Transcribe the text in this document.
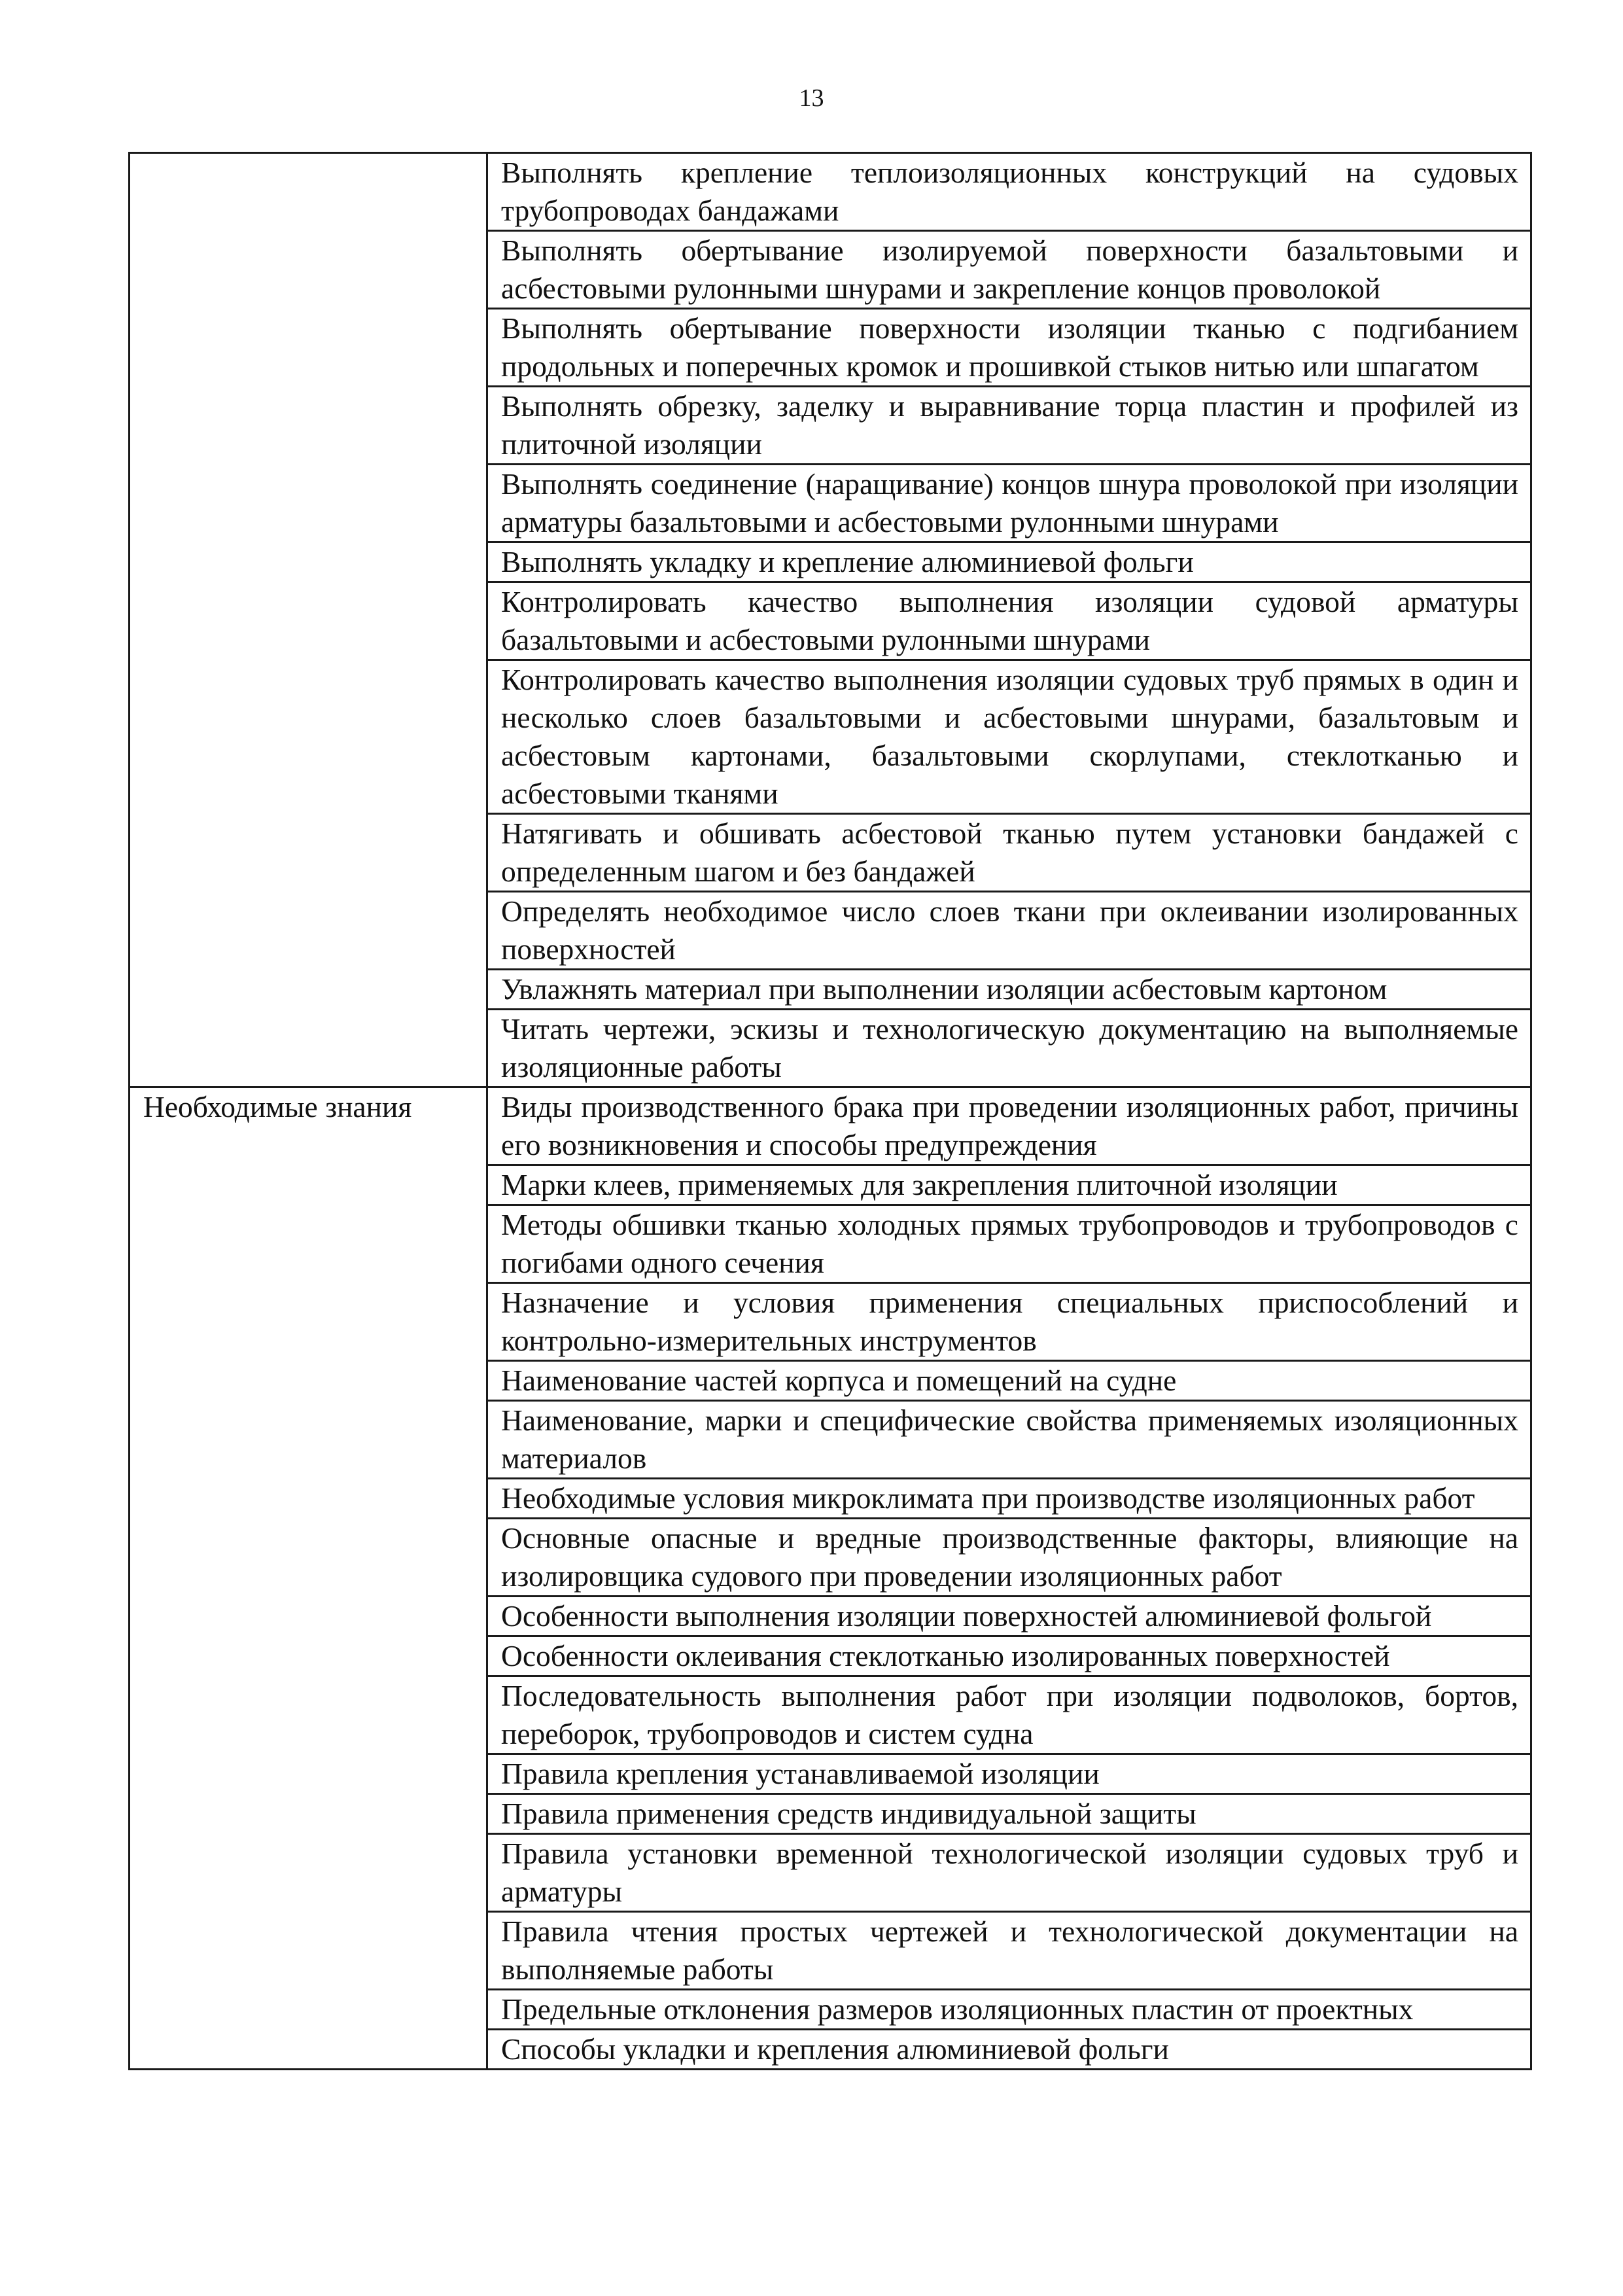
13
	Выполнять крепление теплоизоляционных конструкций на судовых трубопроводах бандажами
	Выполнять обертывание изолируемой поверхности базальтовыми и асбестовыми рулонными шнурами и закрепление концов проволокой
	Выполнять обертывание поверхности изоляции тканью с подгибанием продольных и поперечных кромок и прошивкой стыков нитью или шпагатом
	Выполнять обрезку, заделку и выравнивание торца пластин и профилей из плиточной изоляции
	Выполнять соединение (наращивание) концов шнура проволокой при изоляции арматуры базальтовыми и асбестовыми рулонными шнурами
	Выполнять укладку и крепление алюминиевой фольги
	Контролировать качество выполнения изоляции судовой арматуры базальтовыми и асбестовыми рулонными шнурами
	Контролировать качество выполнения изоляции судовых труб прямых в один и несколько слоев базальтовыми и асбестовыми шнурами, базальтовым и асбестовым картонами, базальтовыми скорлупами, стеклотканью и асбестовыми тканями
	Натягивать и обшивать асбестовой тканью путем установки бандажей с определенным шагом и без бандажей
	Определять необходимое число слоев ткани при оклеивании изолированных поверхностей
	Увлажнять материал при выполнении изоляции асбестовым картоном
	Читать чертежи, эскизы и технологическую документацию на выполняемые изоляционные работы
Необходимые знания	Виды производственного брака при проведении изоляционных работ, причины его возникновения и способы предупреждения
	Марки клеев, применяемых для закрепления плиточной изоляции
	Методы обшивки тканью холодных прямых трубопроводов и трубопроводов с погибами одного сечения
	Назначение и условия применения специальных приспособлений и контрольно-измерительных инструментов
	Наименование частей корпуса и помещений на судне
	Наименование, марки и специфические свойства применяемых изоляционных материалов
	Необходимые условия микроклимата при производстве изоляционных работ
	Основные опасные и вредные производственные факторы, влияющие на изолировщика судового при проведении изоляционных работ
	Особенности выполнения изоляции поверхностей алюминиевой фольгой
	Особенности оклеивания стеклотканью изолированных поверхностей
	Последовательность выполнения работ при изоляции подволоков, бортов, переборок, трубопроводов и систем судна
	Правила крепления устанавливаемой изоляции
	Правила применения средств индивидуальной защиты
	Правила установки временной технологической изоляции судовых труб и арматуры
	Правила чтения простых чертежей и технологической документации на выполняемые работы
	Предельные отклонения размеров изоляционных пластин от проектных
	Способы укладки и крепления алюминиевой фольги
